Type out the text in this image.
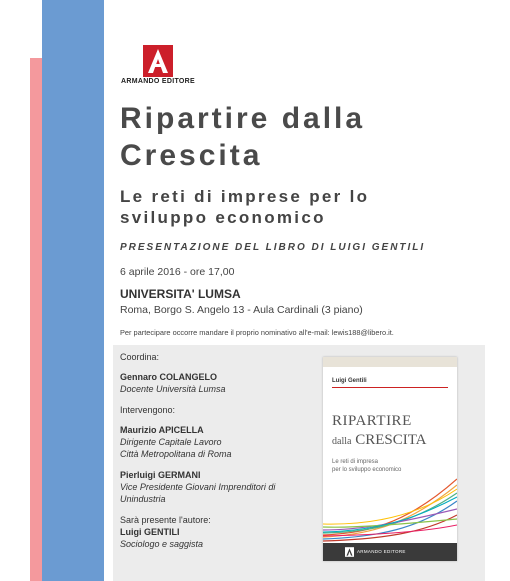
ARMANDO EDITORE
Ripartire dalla
Crescita
Le reti di imprese per lo
sviluppo economico
PRESENTAZIONE DEL LIBRO DI LUIGI GENTILI
6 aprile 2016 - ore 17,00
UNIVERSITA' LUMSA
Roma, Borgo S. Angelo 13 - Aula Cardinali (3 piano)
Per partecipare occorre mandare il proprio nominativo all'e-mail: lewis188@libero.it.
Coordina:
Gennaro COLANGELO
Docente Università Lumsa
Intervengono:
Maurizio APICELLA
Dirigente Capitale Lavoro
Città Metropolitana di Roma
Pierluigi GERMANI
Vice Presidente Giovani Imprenditori di
Unindustria
Sarà presente l'autore:
Luigi GENTILI
Sociologo e saggista
Luigi Gentili
RIPARTIRE
dalla CRESCITA
Le reti di impresa
per lo sviluppo economico
ARMANDO EDITORE
